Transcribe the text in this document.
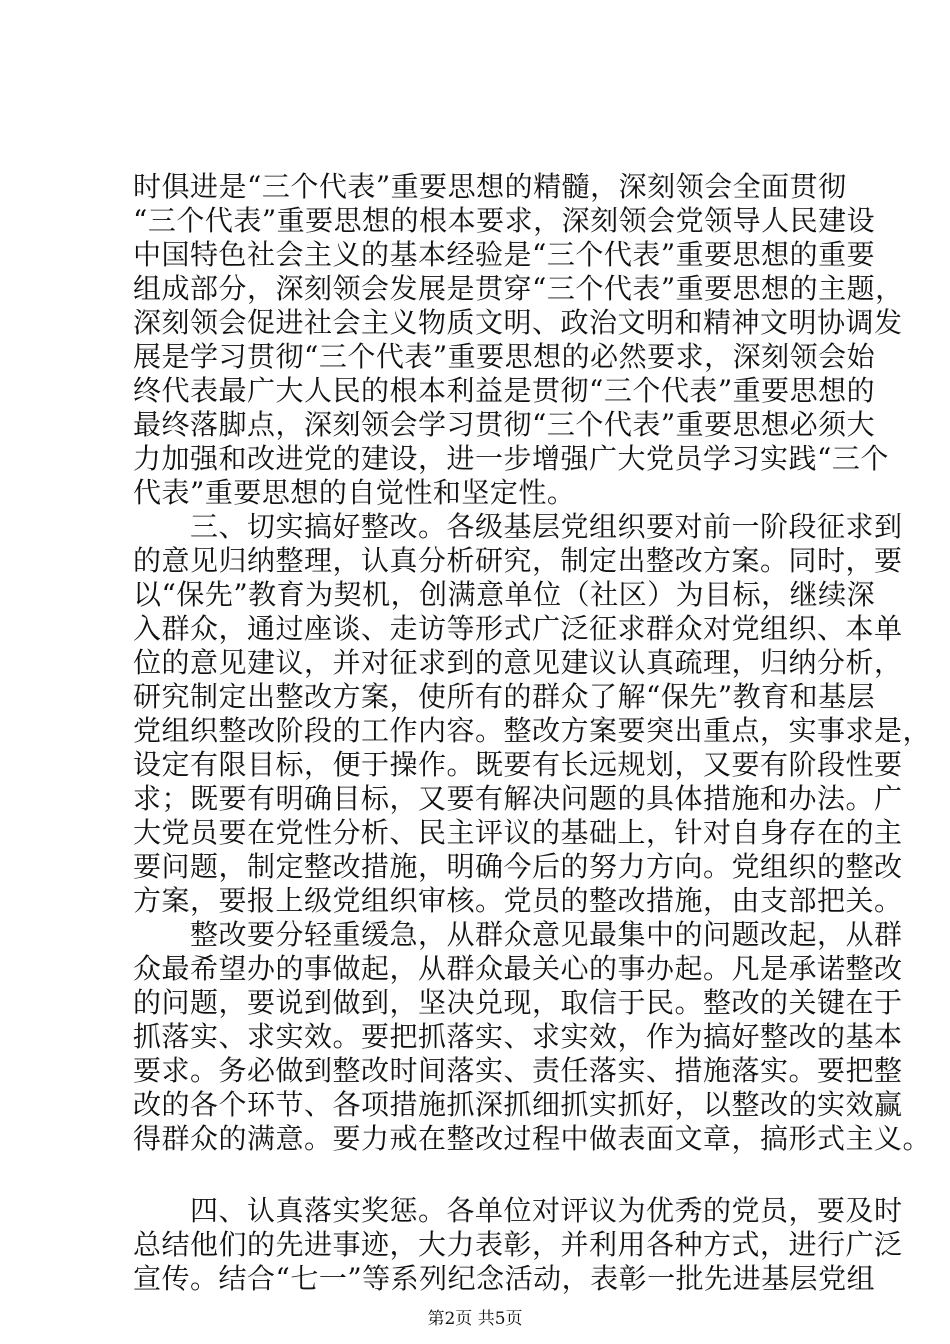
时俱进是“三个代表”重要思想的精髓，深刻领会全面贯彻
“三个代表”重要思想的根本要求，深刻领会党领导人民建设
中国特色社会主义的基本经验是“三个代表”重要思想的重要
组成部分，深刻领会发展是贯穿“三个代表”重要思想的主题，
深刻领会促进社会主义物质文明、政治文明和精神文明协调发
展是学习贯彻“三个代表”重要思想的必然要求，深刻领会始
终代表最广大人民的根本利益是贯彻“三个代表”重要思想的
最终落脚点，深刻领会学习贯彻“三个代表”重要思想必须大
力加强和改进党的建设，进一步增强广大党员学习实践“三个
代表”重要思想的自觉性和坚定性。
　　三、切实搞好整改。各级基层党组织要对前一阶段征求到
的意见归纳整理，认真分析研究，制定出整改方案。同时，要
以“保先”教育为契机，创满意单位（社区）为目标，继续深
入群众，通过座谈、走访等形式广泛征求群众对党组织、本单
位的意见建议，并对征求到的意见建议认真疏理，归纳分析，
研究制定出整改方案，使所有的群众了解“保先”教育和基层
党组织整改阶段的工作内容。整改方案要突出重点，实事求是，
设定有限目标，便于操作。既要有长远规划，又要有阶段性要
求；既要有明确目标，又要有解决问题的具体措施和办法。广
大党员要在党性分析、民主评议的基础上，针对自身存在的主
要问题，制定整改措施，明确今后的努力方向。党组织的整改
方案，要报上级党组织审核。党员的整改措施，由支部把关。
　　整改要分轻重缓急，从群众意见最集中的问题改起，从群
众最希望办的事做起，从群众最关心的事办起。凡是承诺整改
的问题，要说到做到，坚决兑现，取信于民。整改的关键在于
抓落实、求实效。要把抓落实、求实效，作为搞好整改的基本
要求。务必做到整改时间落实、责任落实、措施落实。要把整
改的各个环节、各项措施抓深抓细抓实抓好，以整改的实效赢
得群众的满意。要力戒在整改过程中做表面文章，搞形式主义。
　　四、认真落实奖惩。各单位对评议为优秀的党员，要及时
总结他们的先进事迹，大力表彰，并利用各种方式，进行广泛
宣传。结合“七一”等系列纪念活动，表彰一批先进基层党组
第2页 共5页
